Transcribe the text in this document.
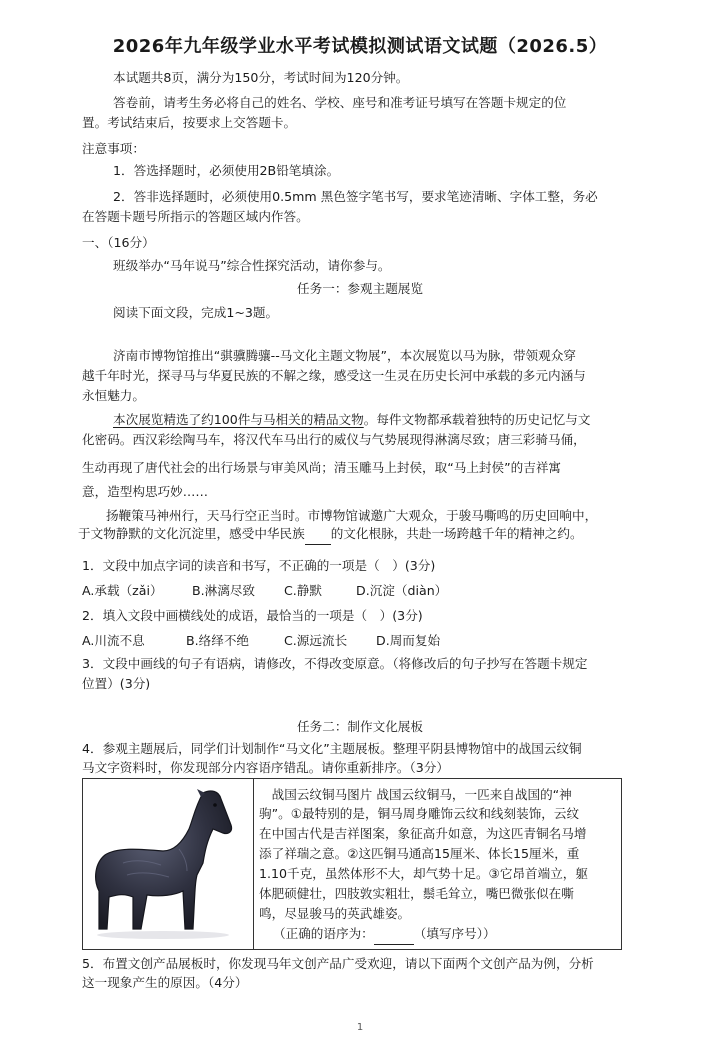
2026年九年级学业水平考试模拟测试语文试题（2026.5）
本试题共8页，满分为150分，考试时间为120分钟。
答卷前，请考生务必将自己的姓名、学校、座号和准考证号填写在答题卡规定的位
置。考试结束后，按要求上交答题卡。
注意事项：
1．答选择题时，必须使用2B铅笔填涂。
2．答非选择题时，必须使用0.5mm 黑色签字笔书写，要求笔迹清晰、字体工整，务必
在答题卡题号所指示的答题区域内作答。
一、（16分）
班级举办“马年说马”综合性探究活动，请你参与。
任务一：参观主题展览
阅读下面文段，完成1~3题。
济南市博物馆推出“骐骥腾骧--马文化主题文物展”，本次展览以马为脉，带领观众穿
越千年时光，探寻马与华夏民族的不解之缘，感受这一生灵在历史长河中承载的多元内涵与
永恒魅力。
本次展览精选了约100件与马相关的精品文物。每件文物都承载着独特的历史记忆与文
化密码。西汉彩绘陶马车，将汉代车马出行的威仪与气势展现得淋漓尽致；唐三彩骑马俑，
生动再现了唐代社会的出行场景与审美风尚；清玉雕马上封侯，取“马上封侯”的吉祥寓
意，造型构思巧妙……
扬鞭策马神州行，天马行空正当时。市博物馆诚邀广大观众，于骏马嘶鸣的历史回响中，
于文物静默的文化沉淀里，感受中华民族 的文化根脉，共赴一场跨越千年的精神之约。
1．文段中加点字词的读音和书写，不正确的一项是（　）(3分)
A.承载（zǎi） B.淋漓尽致 C.静默	D.沉淀（diàn）
2．填入文段中画横线处的成语，最恰当的一项是（　）(3分)
A.川流不息	B.络绎不绝	C.源远流长 D.周而复始
3．文段中画线的句子有语病，请修改，不得改变原意。（将修改后的句子抄写在答题卡规定
位置）(3分)
任务二：制作文化展板
4．参观主题展后，同学们计划制作“马文化”主题展板。整理平阴县博物馆中的战国云纹铜
马文字资料时，你发现部分内容语序错乱。请你重新排序。（3分）
　战国云纹铜马图片 战国云纹铜马，一匹来自战国的“神
驹”。①最特别的是，铜马周身雕饰云纹和线刻装饰，云纹
在中国古代是吉祥图案，象征高升如意，为这匹青铜名马增
添了祥瑞之意。②这匹铜马通高15厘米、体长15厘米，重
1.10千克，虽然体形不大，却气势十足。③它昂首端立，躯
体肥硕健壮，四肢敦实粗壮，鬃毛耸立，嘴巴微张似在嘶
鸣，尽显骏马的英武雄姿。
（正确的语序为：	（填写序号））
5．布置文创产品展板时，你发现马年文创产品广受欢迎，请以下面两个文创产品为例，分析
这一现象产生的原因。（4分）
1
